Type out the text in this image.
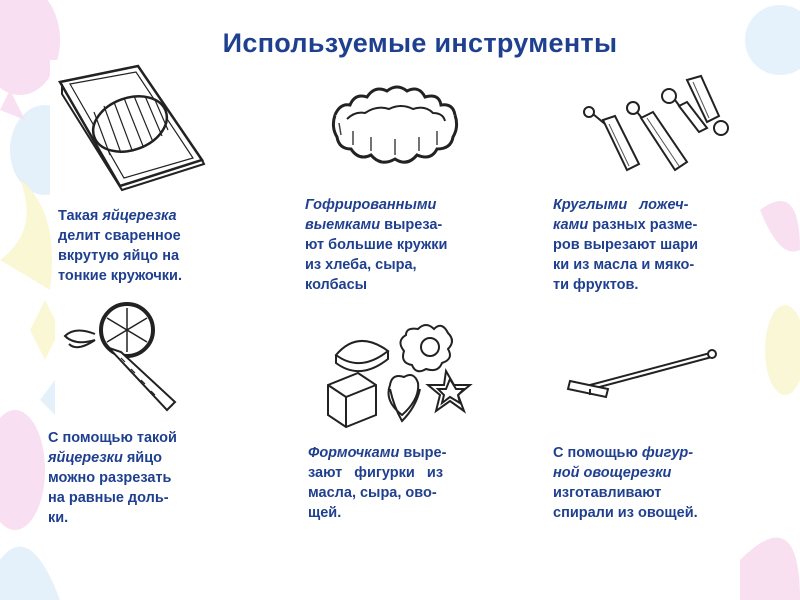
Используемые инструменты
Такая яйцерезка
делит сваренное
вкрутую яйцо на
тонкие кружочки.
Гофрированными
выемками выреза-
ют большие кружки
из хлеба, сыра,
колбасы
Круглыми   ложеч-
ками разных разме-
ров вырезают шари
ки из масла и мяко-
ти фруктов.
С помощью такой
яйцерезки яйцо
можно разрезать
на равные доль-
ки.
Формочками выре-
зают   фигурки   из
масла, сыра, ово-
щей.
С помощью фигур-
ной овощерезки
изготавливают
спирали из овощей.
